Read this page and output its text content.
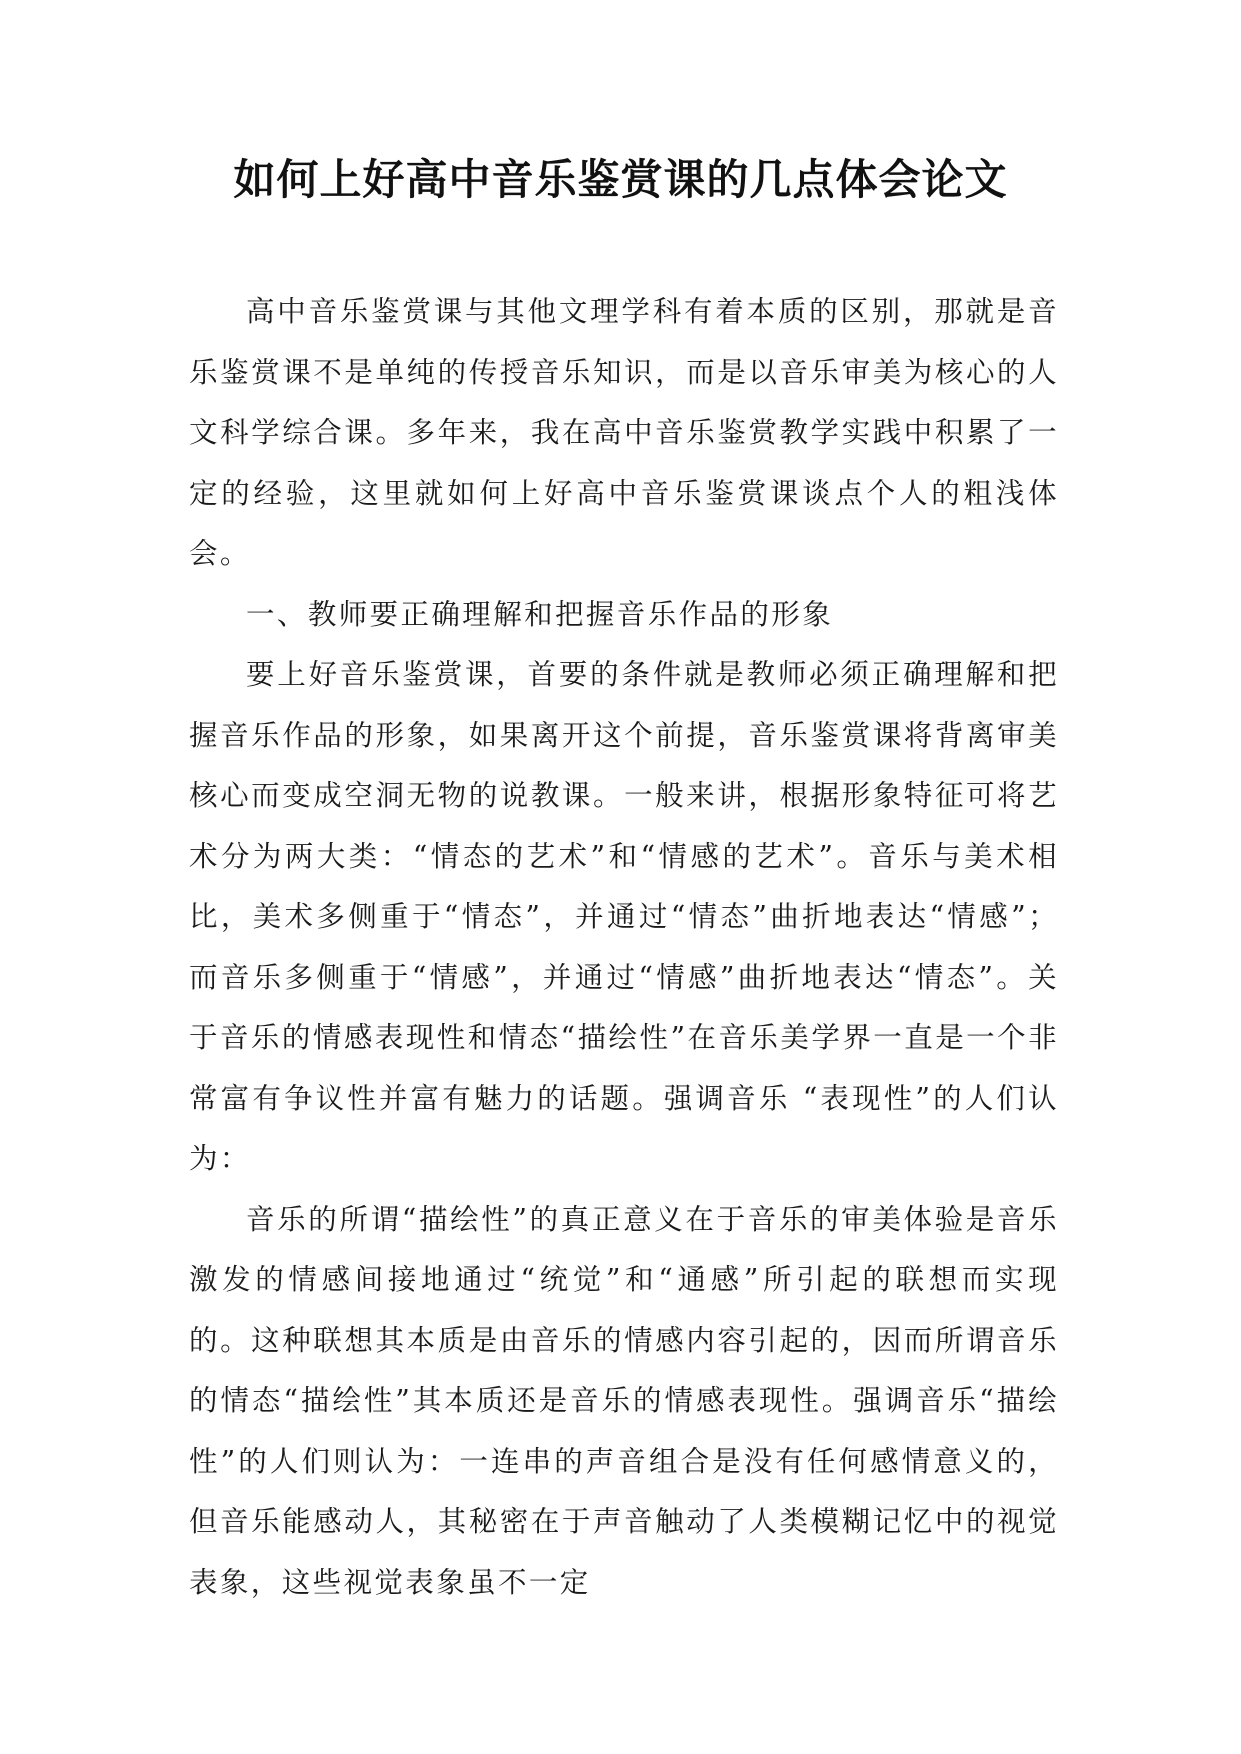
如何上好高中音乐鉴赏课的几点体会论文

高中音乐鉴赏课与其他文理学科有着本质的区别，那就是音乐鉴赏课不是单纯的传授音乐知识，而是以音乐审美为核心的人文科学综合课。多年来，我在高中音乐鉴赏教学实践中积累了一定的经验，这里就如何上好高中音乐鉴赏课谈点个人的粗浅体会。

一、教师要正确理解和把握音乐作品的形象

要上好音乐鉴赏课，首要的条件就是教师必须正确理解和把握音乐作品的形象，如果离开这个前提，音乐鉴赏课将背离审美核心而变成空洞无物的说教课。一般来讲，根据形象特征可将艺术分为两大类：“情态的艺术”和“情感的艺术”。音乐与美术相比，美术多侧重于“情态”，并通过“情态”曲折地表达“情感”；而音乐多侧重于“情感”，并通过“情感”曲折地表达“情态”。关于音乐的情感表现性和情态“描绘性”在音乐美学界一直是一个非常富有争议性并富有魅力的话题。强调音乐 “表现性”的人们认为：

音乐的所谓“描绘性”的真正意义在于音乐的审美体验是音乐激发的情感间接地通过“统觉”和“通感”所引起的联想而实现的。这种联想其本质是由音乐的情感内容引起的，因而所谓音乐的情态“描绘性”其本质还是音乐的情感表现性。强调音乐“描绘性”的人们则认为：一连串的声音组合是没有任何感情意义的，但音乐能感动人，其秘密在于声音触动了人类模糊记忆中的视觉表象，这些视觉表象虽不一定
